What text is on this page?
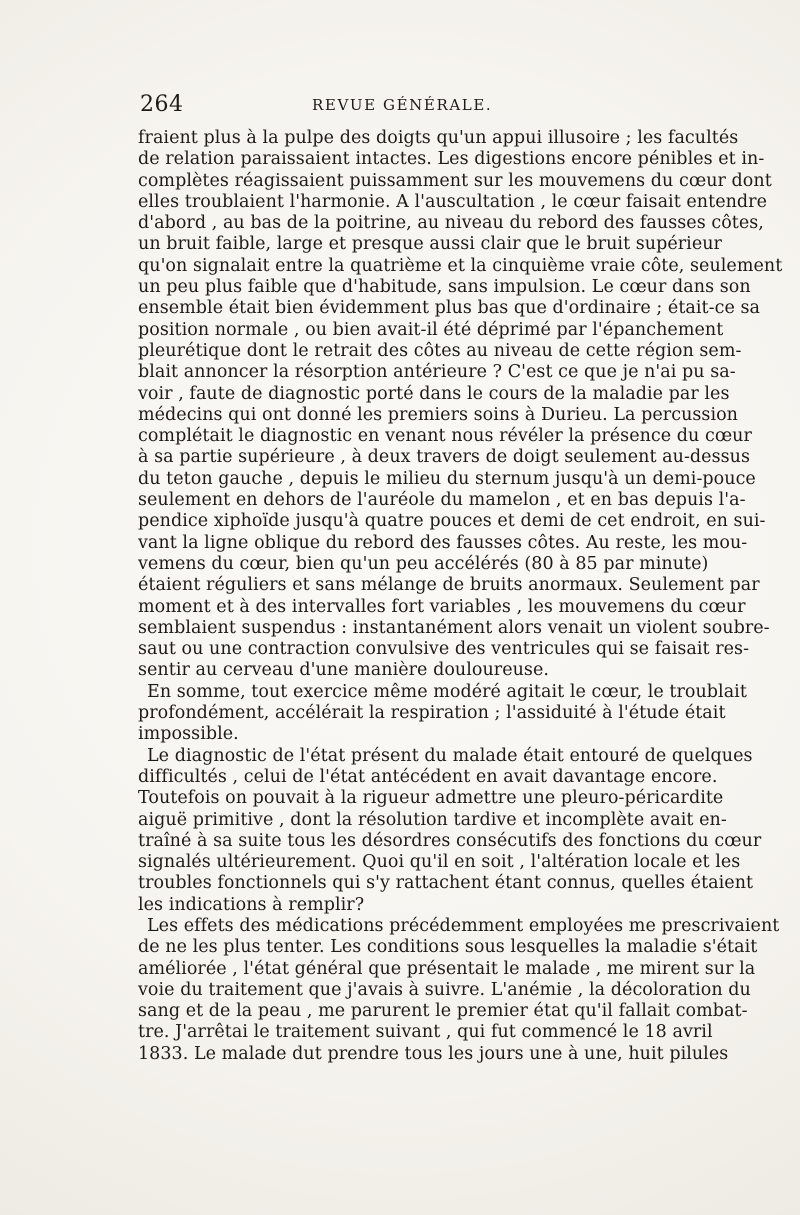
264	REVUE GÉNÉRALE.
fraient plus à la pulpe des doigts qu'un appui illusoire ; les facultés
de relation paraissaient intactes. Les digestions encore pénibles et in-
complètes réagissaient puissamment sur les mouvemens du cœur dont
elles troublaient l'harmonie. A l'auscultation , le cœur faisait entendre
d'abord , au bas de la poitrine, au niveau du rebord des fausses côtes,
un bruit faible, large et presque aussi clair que le bruit supérieur
qu'on signalait entre la quatrième et la cinquième vraie côte, seulement
un peu plus faible que d'habitude, sans impulsion. Le cœur dans son
ensemble était bien évidemment plus bas que d'ordinaire ; était-ce sa
position normale , ou bien avait-il été déprimé par l'épanchement
pleurétique dont le retrait des côtes au niveau de cette région sem-
blait annoncer la résorption antérieure ? C'est ce que je n'ai pu sa-
voir , faute de diagnostic porté dans le cours de la maladie par les
médecins qui ont donné les premiers soins à Durieu. La percussion
complétait le diagnostic en venant nous révéler la présence du cœur
à sa partie supérieure , à deux travers de doigt seulement au-dessus
du teton gauche , depuis le milieu du sternum jusqu'à un demi-pouce
seulement en dehors de l'auréole du mamelon , et en bas depuis l'a-
pendice xiphoïde jusqu'à quatre pouces et demi de cet endroit, en sui-
vant la ligne oblique du rebord des fausses côtes. Au reste, les mou-
vemens du cœur, bien qu'un peu accélérés (80 à 85 par minute)
étaient réguliers et sans mélange de bruits anormaux. Seulement par
moment et à des intervalles fort variables , les mouvemens du cœur
semblaient suspendus : instantanément alors venait un violent soubre-
saut ou une contraction convulsive des ventricules qui se faisait res-
sentir au cerveau d'une manière douloureuse.
En somme, tout exercice même modéré agitait le cœur, le troublait
profondément, accélérait la respiration ; l'assiduité à l'étude était
impossible.
Le diagnostic de l'état présent du malade était entouré de quelques
difficultés , celui de l'état antécédent en avait davantage encore.
Toutefois on pouvait à la rigueur admettre une pleuro-péricardite
aiguë primitive , dont la résolution tardive et incomplète avait en-
traîné à sa suite tous les désordres consécutifs des fonctions du cœur
signalés ultérieurement. Quoi qu'il en soit , l'altération locale et les
troubles fonctionnels qui s'y rattachent étant connus, quelles étaient
les indications à remplir?
Les effets des médications précédemment employées me prescrivaient
de ne les plus tenter. Les conditions sous lesquelles la maladie s'était
améliorée , l'état général que présentait le malade , me mirent sur la
voie du traitement que j'avais à suivre. L'anémie , la décoloration du
sang et de la peau , me parurent le premier état qu'il fallait combat-
tre. J'arrêtai le traitement suivant , qui fut commencé le 18 avril
1833. Le malade dut prendre tous les jours une à une, huit pilules
